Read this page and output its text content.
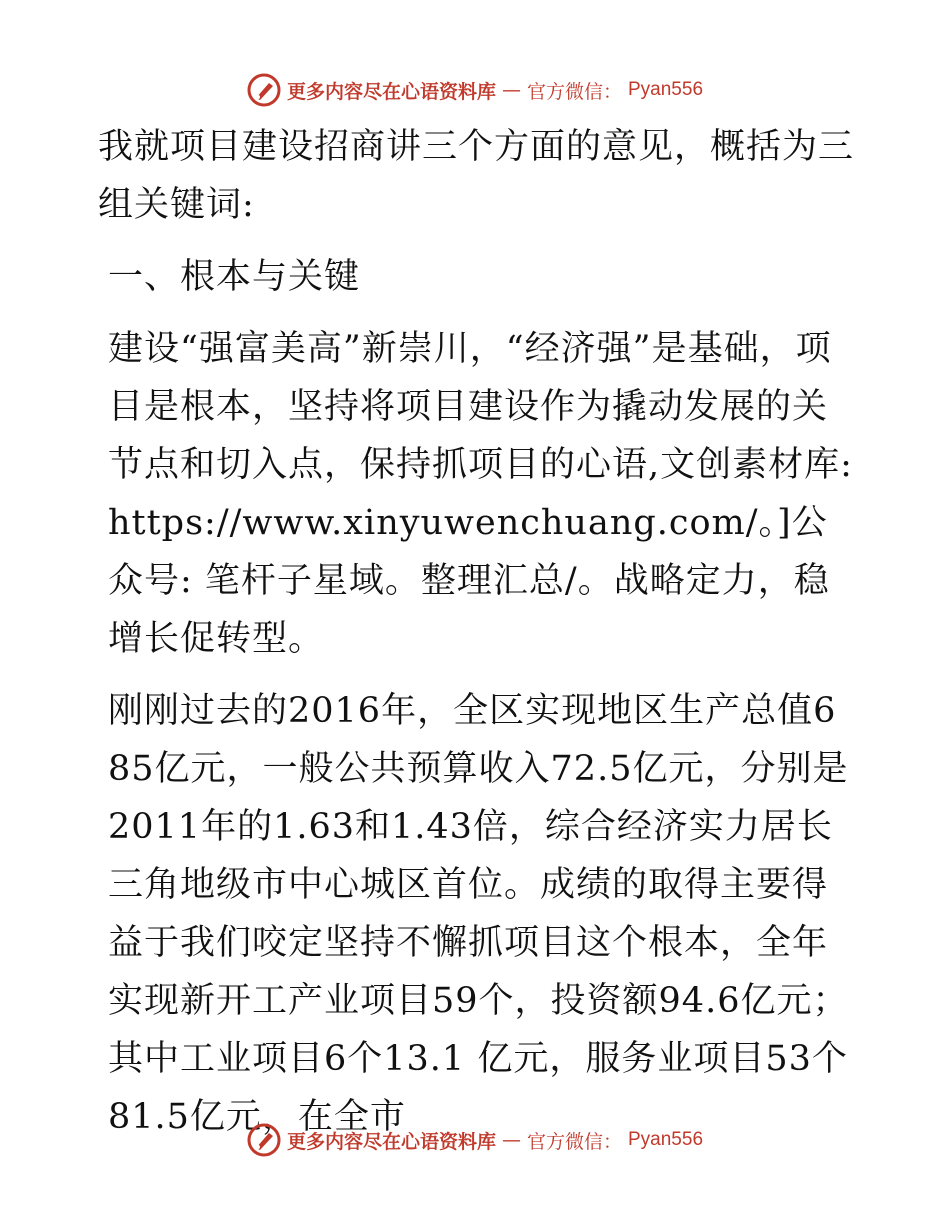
更多内容尽在心语资料库 — 官方微信： Pyan556

我就项目建设招商讲三个方面的意见，概括为三组关键词:

一、根本与关键

建设“强富美高”新崇川，“经济强”是基础，项目是根本，坚持将项目建设作为撬动发展的关节点和切入点，保持抓项目的心语,文创素材库: https://www.xinyuwenchuang.com/。]公众号: 笔杆子星域。整理汇总/。战略定力，稳增长促转型。

刚刚过去的2016年，全区实现地区生产总值685亿元，一般公共预算收入72.5亿元，分别是2011年的1.63和1.43倍，综合经济实力居长三角地级市中心城区首位。成绩的取得主要得益于我们咬定坚持不懈抓项目这个根本，全年实现新开工产业项目59个，投资额94.6亿元；其中工业项目6个13.1 亿元，服务业项目53个81.5亿元，在全市

更多内容尽在心语资料库 — 官方微信： Pyan556
